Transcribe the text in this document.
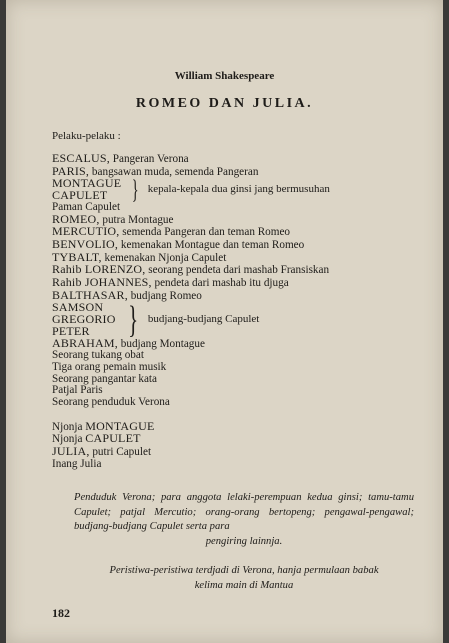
William Shakespeare
ROMEO DAN JULIA.
Pelaku-pelaku :
ESCALUS, Pangeran Verona
PARIS, bangsawan muda, semenda Pangeran
MONTAGUE
CAPULET } kepala-kepala dua ginsi jang bermusuhan
Paman Capulet
ROMEO, putra Montague
MERCUTIO, semenda Pangeran dan teman Romeo
BENVOLIO, kemenakan Montague dan teman Romeo
TYBALT, kemenakan Njonja Capulet
Rahib LORENZO, seorang pendeta dari mashab Fransiskan
Rahib JOHANNES, pendeta dari mashab itu djuga
BALTHASAR, budjang Romeo
SAMSON
GREGORIO
PETER	} budjang-budjang Capulet
ABRAHAM, budjang Montague
Seorang tukang obat
Tiga orang pemain musik
Seorang pangantar kata
Patjal Paris
Seorang penduduk Verona
Njonja MONTAGUE
Njonja CAPULET
JULIA, putri Capulet
Inang Julia
Penduduk Verona; para anggota lelaki-perempuan kedua ginsi; tamu-tamu Capulet; patjal Mercutio; orang-orang bertopeng; pengawal-pengawal; budjang-budjang Capulet serta para
pengiring lainnja.
Peristiwa-peristiwa terdjadi di Verona, hanja permulaan babak
kelima main di Mantua
182
